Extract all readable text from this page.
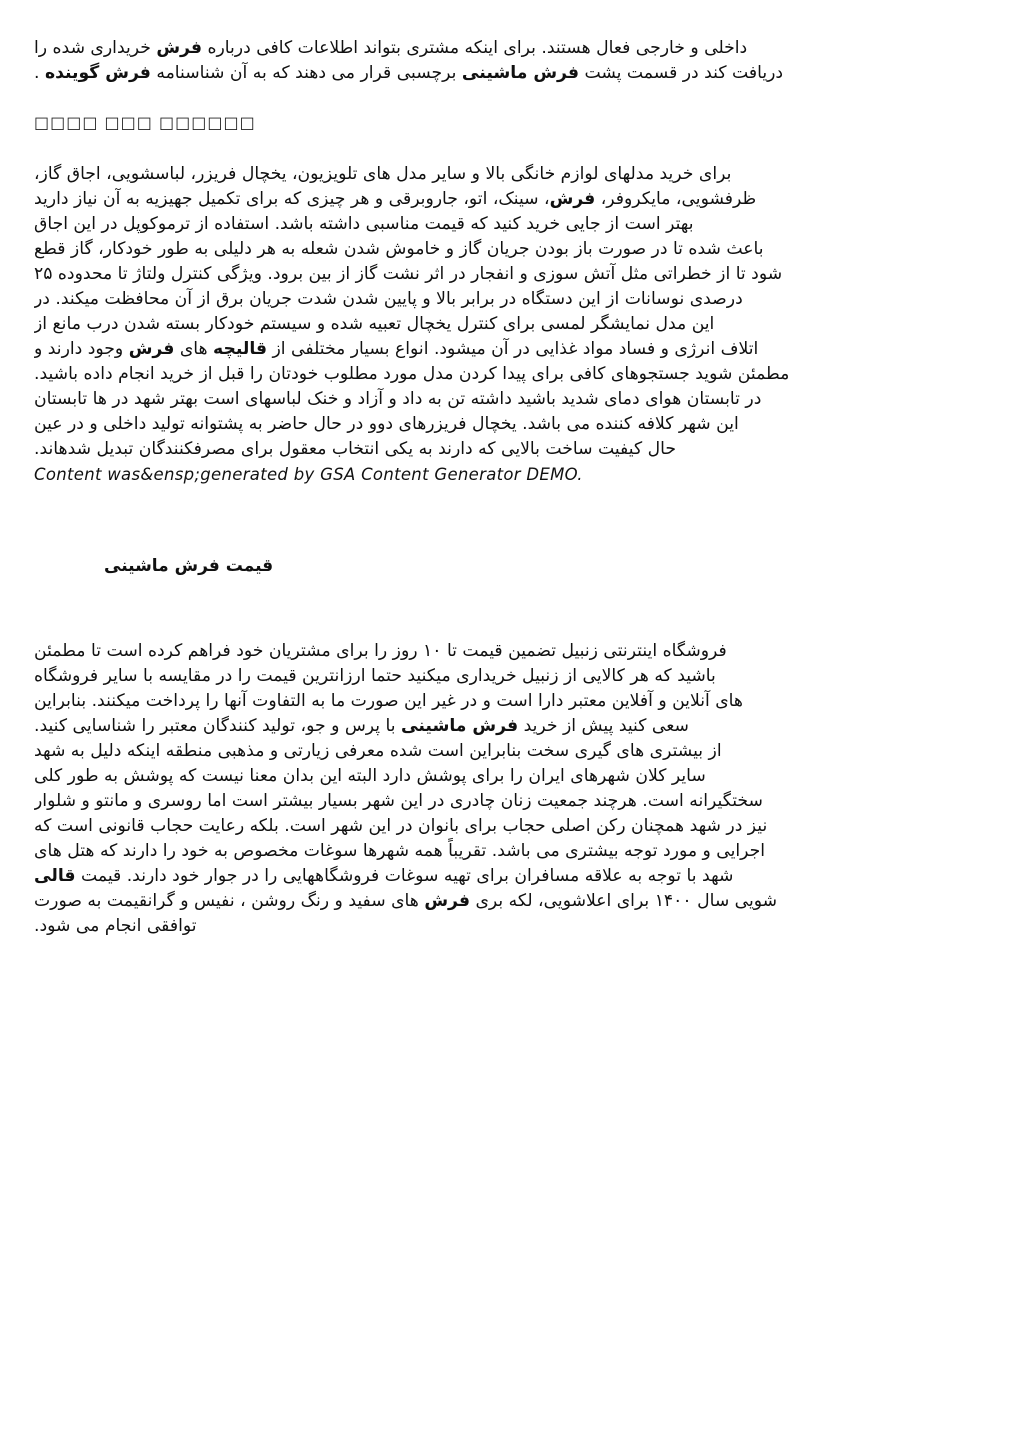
داخلی و خارجی فعال هستند. برای اینکه مشتری بتواند اطلاعات کافی درباره فرش خریداری شده را
دریافت کند در قسمت پشت فرش ماشینی برچسبی قرار می دهند که به آن شناسنامه فرش گوینده .

□□□□ □□□ □□□□□□

برای خرید مدلهای لوازم خانگی بالا و سایر مدل های تلویزیون، یخچال فریزر، لباسشویی، اجاق گاز،
ظرفشویی، مایکروفر، فرش، سینک، اتو، جاروبرقی و هر چیزی که برای تکمیل جهیزیه به آن نیاز دارید
بهتر است از جایی خرید کنید که قیمت مناسبی داشته باشد. استفاده از ترموکوپل در این اجاق
باعث شده تا در صورت باز بودن جریان گاز و خاموش شدن شعله به هر دلیلی به طور خودکار، گاز قطع
شود تا از خطراتی مثل آتش سوزی و انفجار در اثر نشت گاز از بین برود. ویژگی کنترل ولتاژ تا محدوده ۲۵
درصدی نوسانات از این دستگاه در برابر بالا و پایین شدن شدت جریان برق از آن محافظت میکند. در
این مدل نمایشگر لمسی برای کنترل یخچال تعبیه شده و سیستم خودکار بسته شدن درب مانع از
اتلاف انرژی و فساد مواد غذایی در آن میشود. انواع بسیار مختلفی از قالیچه های فرش وجود دارند و
مطمئن شوید جستجوهای کافی برای پیدا کردن مدل مورد مطلوب خودتان را قبل از خرید انجام داده باشید.
در تابستان هوای دمای شدید باشید داشته تن به داد و آزاد و خنک لباسهای است بهتر شهد در ها تابستان
این شهر کلافه کننده می باشد. یخچال فریزرهای دوو در حال حاضر به پشتوانه تولید داخلی و در عین
حال کیفیت ساخت بالایی که دارند به یکی انتخاب معقول برای مصرفکنندگان تبدیل شدهاند.
Content was&ensp;generated by GSA Content Generator DEMO.

قیمت فرش ماشینی

فروشگاه اینترنتی زنبیل تضمین قیمت تا ۱۰ روز را برای مشتریان خود فراهم کرده است تا مطمئن
باشید که هر کالایی از زنبیل خریداری میکنید حتما ارزانترین قیمت را در مقایسه با سایر فروشگاه
های آنلاین و آفلاین معتبر دارا است و در غیر این صورت ما به التفاوت آنها را پرداخت میکنند. بنابراین
سعی کنید پیش از خرید فرش ماشینی با پرس و جو، تولید کنندگان معتبر را شناسایی کنید.
از بیشتری های گیری سخت بنابراین است شده معرفی زیارتی و مذهبی منطقه اینکه دلیل به شهد
سایر کلان شهرهای ایران را برای پوشش دارد البته این بدان معنا نیست که پوشش به طور کلی
سختگیرانه است. هرچند جمعیت زنان چادری در این شهر بسیار بیشتر است اما روسری و مانتو و شلوار
نیز در شهد همچنان رکن اصلی حجاب برای بانوان در این شهر است. بلکه رعایت حجاب قانونی است که
اجرایی و مورد توجه بیشتری می باشد. تقریباً همه شهرها سوغات مخصوص به خود را دارند که هتل های
شهد با توجه به علاقه مسافران برای تهیه سوغات فروشگاههایی را در جوار خود دارند. قیمت قالی
شویی سال ۱۴۰۰ برای اعلاشویی، لکه بری فرش های سفید و رنگ روشن ، نفیس و گرانقیمت به صورت
توافقی انجام می شود.
